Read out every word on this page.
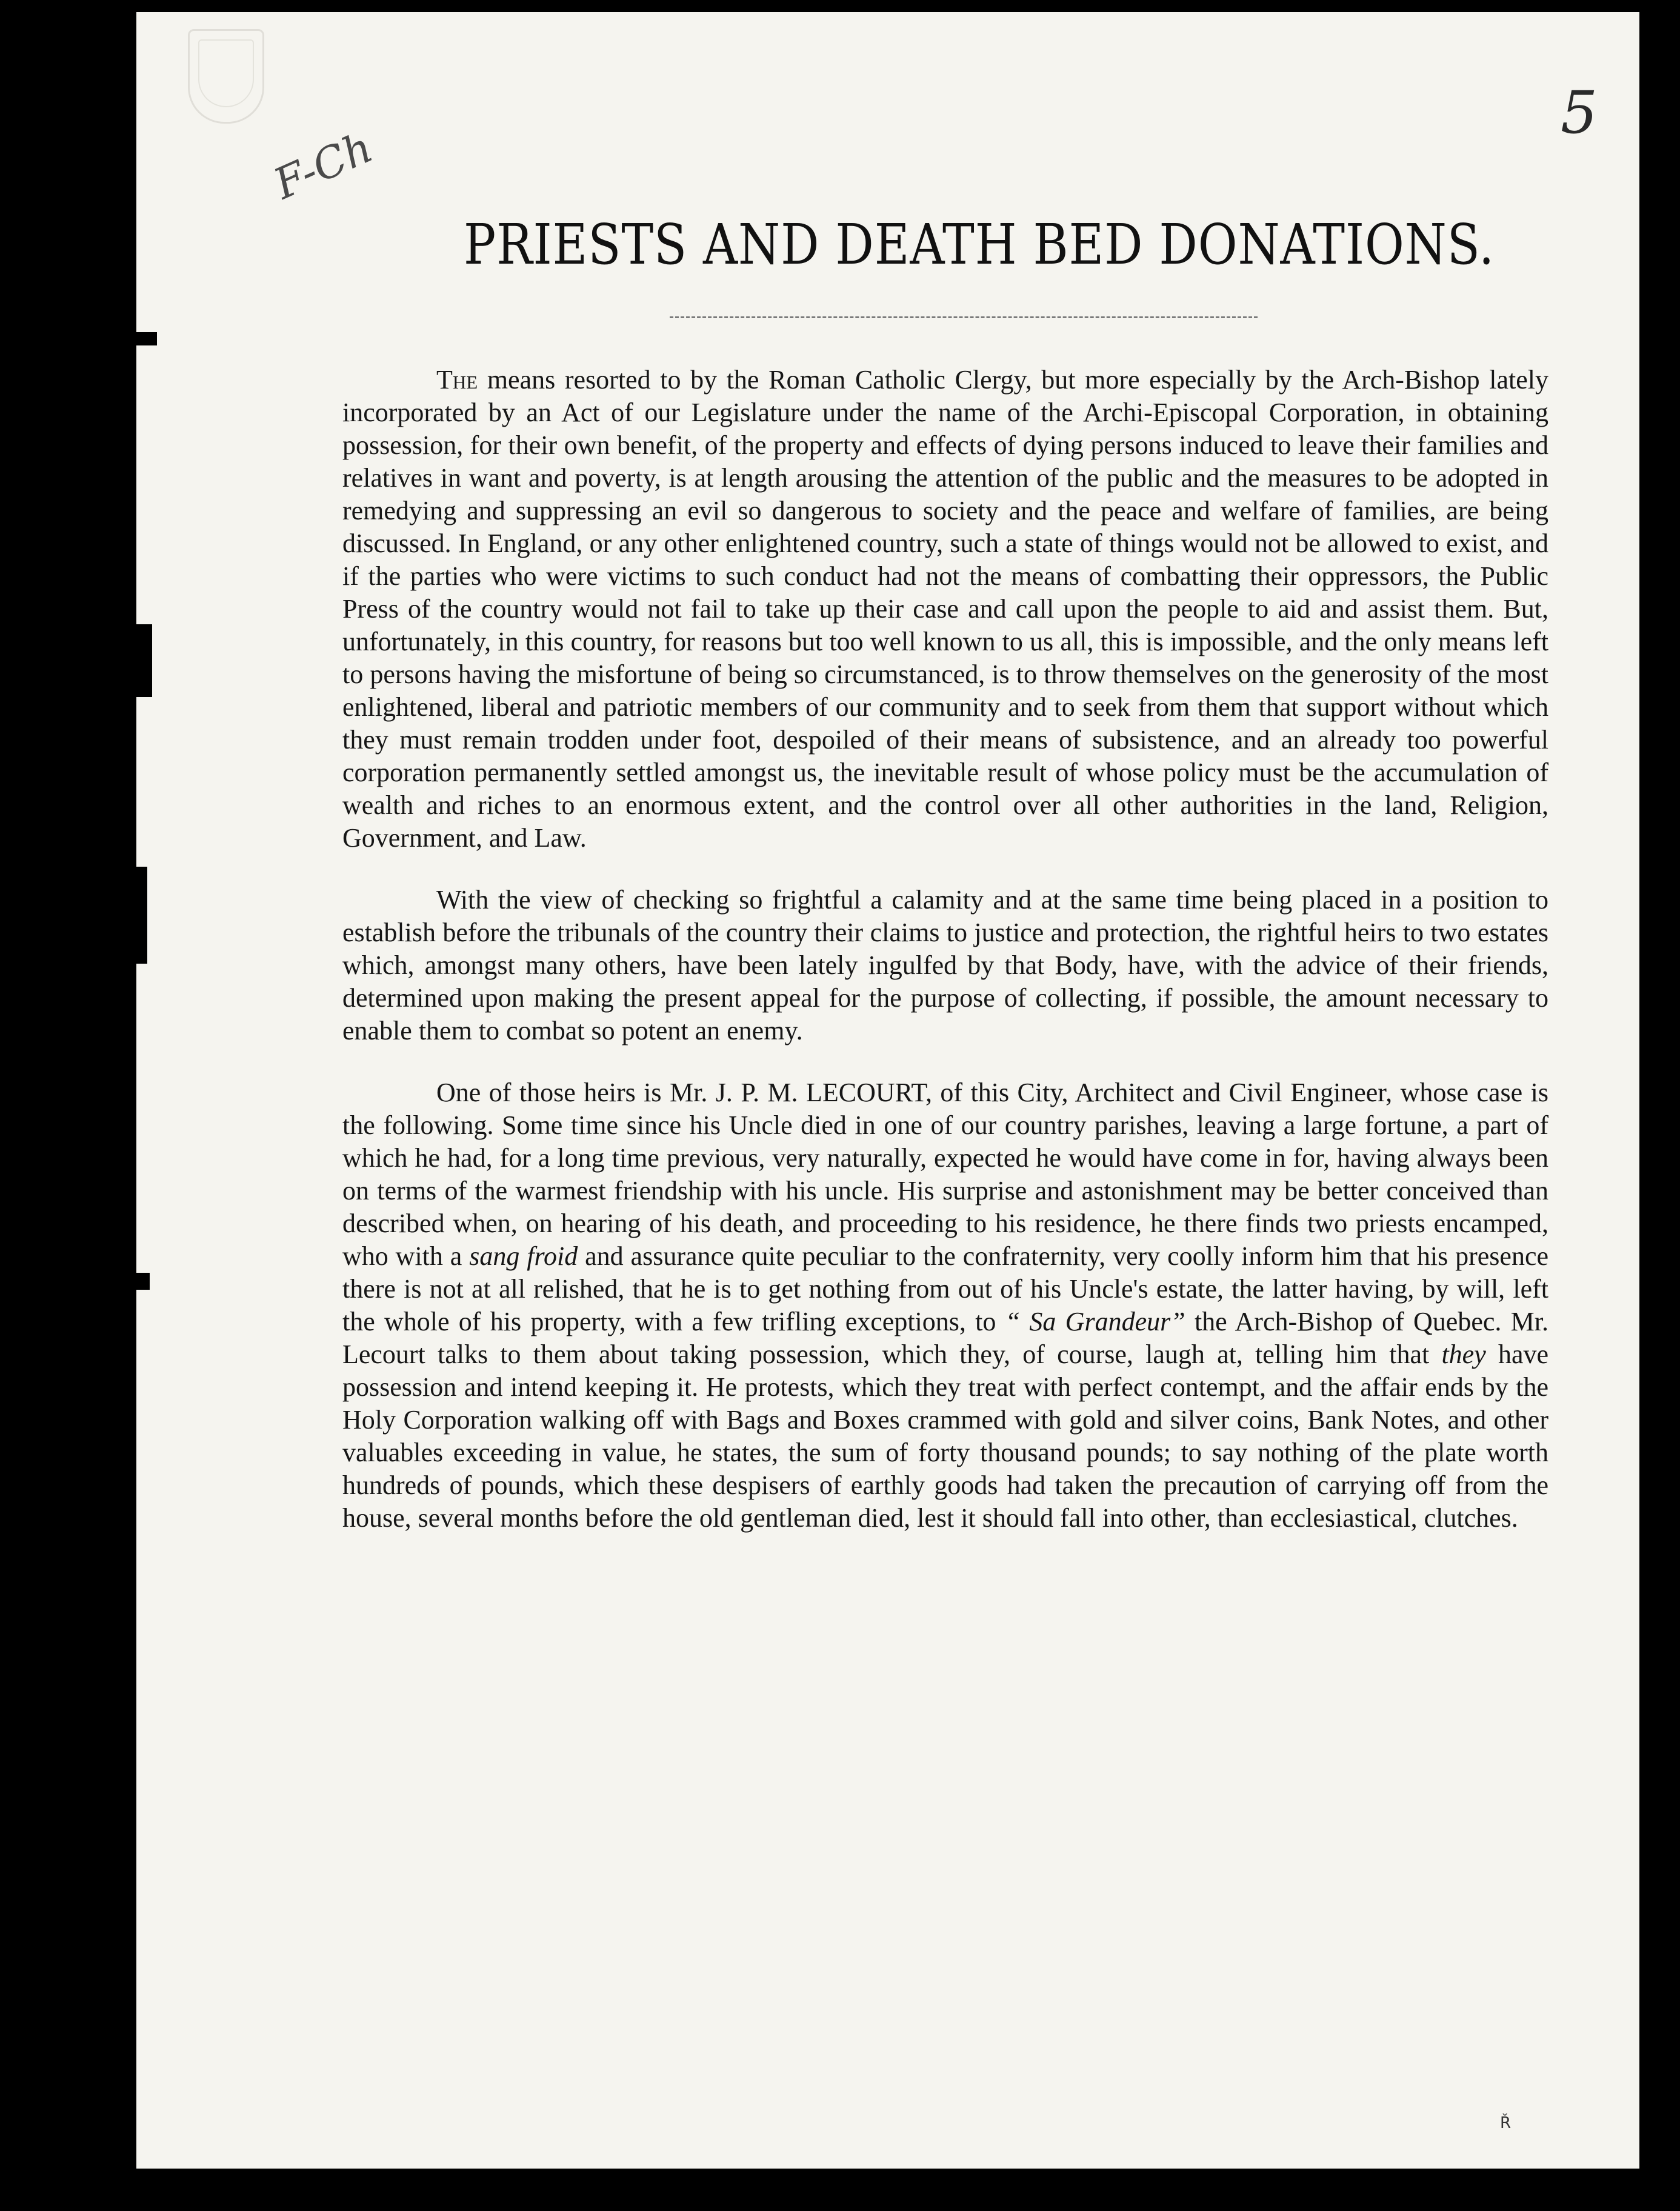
F-Ch
5
PRIESTS AND DEATH BED DONATIONS.

The means resorted to by the Roman Catholic Clergy, but more especially by the Arch-Bishop lately incorporated by an Act of our Legislature under the name of the Archi-Episcopal Corporation, in obtaining possession, for their own benefit, of the property and effects of dying persons induced to leave their families and relatives in want and poverty, is at length arousing the attention of the public and the measures to be adopted in remedying and suppressing an evil so dangerous to society and the peace and welfare of families, are being discussed. In England, or any other enlightened country, such a state of things would not be allowed to exist, and if the parties who were victims to such conduct had not the means of combatting their oppressors, the Public Press of the country would not fail to take up their case and call upon the people to aid and assist them. But, unfortunately, in this country, for reasons but too well known to us all, this is impossible, and the only means left to persons having the misfortune of being so circumstanced, is to throw themselves on the generosity of the most enlightened, liberal and patriotic members of our community and to seek from them that support without which they must remain trodden under foot, despoiled of their means of subsistence, and an already too powerful corporation permanently settled amongst us, the inevitable result of whose policy must be the accumulation of wealth and riches to an enormous extent, and the control over all other authorities in the land, Religion, Government, and Law.

With the view of checking so frightful a calamity and at the same time being placed in a position to establish before the tribunals of the country their claims to justice and protection, the rightful heirs to two estates which, amongst many others, have been lately ingulfed by that Body, have, with the advice of their friends, determined upon making the present appeal for the purpose of collecting, if possible, the amount necessary to enable them to combat so potent an enemy.

One of those heirs is Mr. J. P. M. LECOURT, of this City, Architect and Civil Engineer, whose case is the following. Some time since his Uncle died in one of our country parishes, leaving a large fortune, a part of which he had, for a long time previous, very naturally, expected he would have come in for, having always been on terms of the warmest friendship with his uncle. His surprise and astonishment may be better conceived than described when, on hearing of his death, and proceeding to his residence, he there finds two priests encamped, who with a sang froid and assurance quite peculiar to the confraternity, very coolly inform him that his presence there is not at all relished, that he is to get nothing from out of his Uncle's estate, the latter having, by will, left the whole of his property, with a few trifling exceptions, to “ Sa Grandeur” the Arch-Bishop of Quebec. Mr. Lecourt talks to them about taking possession, which they, of course, laugh at, telling him that they have possession and intend keeping it. He protests, which they treat with perfect contempt, and the affair ends by the Holy Corporation walking off with Bags and Boxes crammed with gold and silver coins, Bank Notes, and other valuables exceeding in value, he states, the sum of forty thousand pounds; to say nothing of the plate worth hundreds of pounds, which these despisers of earthly goods had taken the precaution of carrying off from the house, several months before the old gentleman died, lest it should fall into other, than ecclesiastical, clutches.

Ř
